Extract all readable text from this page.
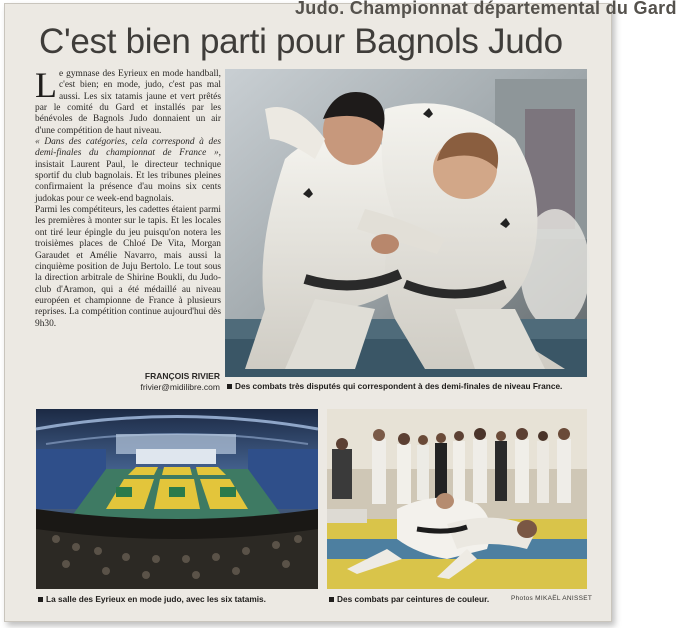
Judo. Championnat départemental du Gard
C'est bien parti pour Bagnols Judo

Le gymnase des Eyrieux en mode handball, c'est bien; en mode, judo, c'est pas mal aussi. Les six tatamis jaune et vert prêtés par le comité du Gard et installés par les bénévoles de Bagnols Judo donnaient un air d'une compétition de haut niveau.

« Dans des catégories, cela correspond à des demi-finales du championnat de France », insistait Laurent Paul, le directeur technique sportif du club bagnolais. Et les tribunes pleines confirmaient la présence d'au moins six cents judokas pour ce week-end bagnolais.

Parmi les compétiteurs, les cadettes étaient parmi les premières à monter sur le tapis. Et les locales ont tiré leur épingle du jeu puisqu'on notera les troisièmes places de Chloé De Vita, Morgan Garaudet et Amélie Navarro, mais aussi la cinquième position de Juju Bertolo. Le tout sous la direction arbitrale de Shirine Boukli, du Judo-club d'Aramon, qui a été médaillé au niveau européen et championne de France à plusieurs reprises. La compétition continue aujourd'hui dès 9h30.

FRANÇOIS RIVIER
frivier@midilibre.com	Des combats très disputés qui correspondent à des demi-finales de niveau France.
La salle des Eyrieux en mode judo, avec les six tatamis.	Des combats par ceintures de couleur.	Photos MIKAËL ANISSET
